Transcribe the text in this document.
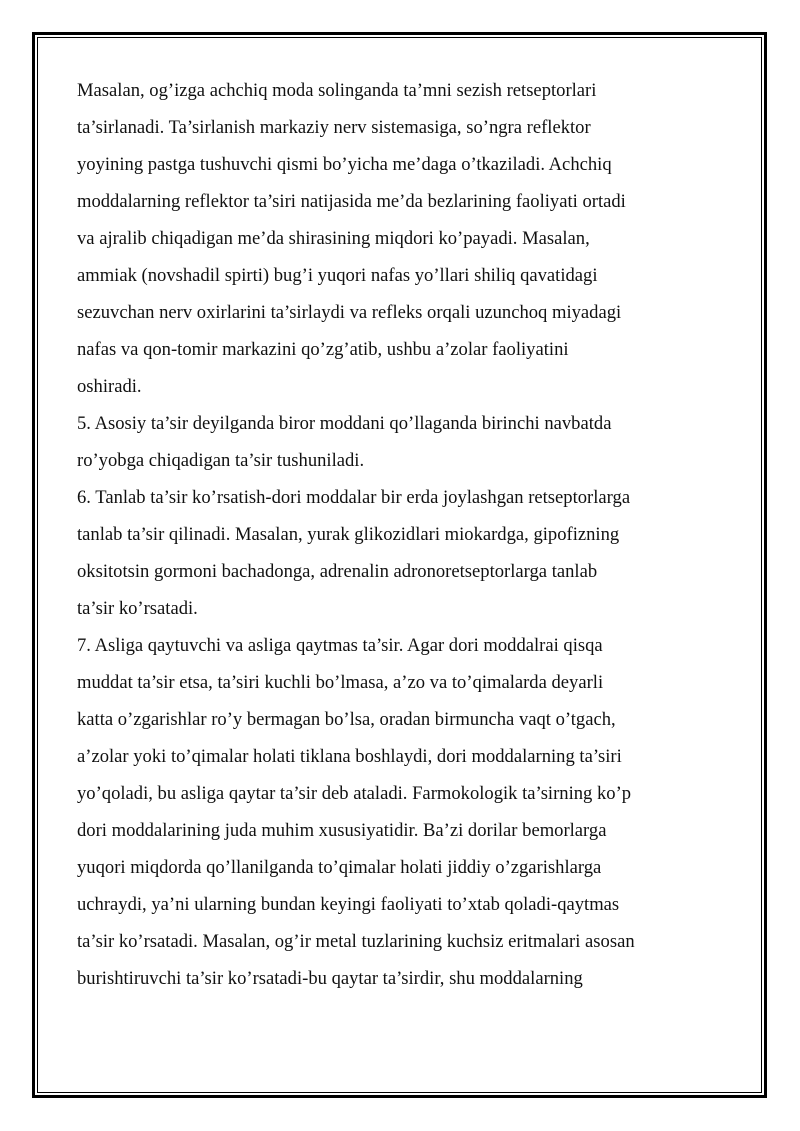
Masalan, og’izga achchiq moda solinganda ta’mni sezish retseptorlari
ta’sirlanadi. Ta’sirlanish markaziy nerv sistemasiga, so’ngra reflektor
yoyining pastga tushuvchi qismi bo’yicha me’daga o’tkaziladi. Achchiq
moddalarning reflektor ta’siri natijasida me’da bezlarining faoliyati ortadi
va ajralib chiqadigan me’da shirasining miqdori ko’payadi. Masalan,
ammiak (novshadil spirti) bug’i yuqori nafas yo’llari shiliq qavatidagi
sezuvchan nerv oxirlarini ta’sirlaydi va refleks orqali uzunchoq miyadagi
nafas va qon-tomir markazini qo’zg’atib, ushbu a’zolar faoliyatini
oshiradi.
5. Asosiy ta’sir deyilganda biror moddani qo’llaganda birinchi navbatda
ro’yobga chiqadigan ta’sir tushuniladi.
6. Tanlab ta’sir ko’rsatish-dori moddalar bir erda joylashgan retseptorlarga
tanlab ta’sir qilinadi. Masalan, yurak glikozidlari miokardga, gipofizning
oksitotsin gormoni bachadonga, adrenalin adronoretseptorlarga tanlab
ta’sir ko’rsatadi.
7. Asligа qaytuvchi va asliga qaytmas ta’sir. Agar dori moddalrai qisqa
muddat ta’sir etsa, ta’siri kuchli bo’lmasa, a’zo va to’qimalarda deyarli
katta o’zgarishlar ro’y bermagan bo’lsa, oradan birmuncha vaqt o’tgach,
a’zolar yoki to’qimalar holati tiklana boshlaydi, dori moddalarning ta’siri
yo’qoladi, bu asliga qaytar ta’sir deb ataladi. Farmokologik ta’sirning ko’p
dori moddalarining juda muhim xususiyatidir. Ba’zi dorilar bemorlarga
yuqori miqdorda qo’llanilganda to’qimalar holati jiddiy o’zgarishlarga
uchraydi, ya’ni ularning bundan keyingi faoliyati to’xtab qoladi-qaytmas
ta’sir ko’rsatadi. Masalan, og’ir metal tuzlarining kuchsiz eritmalari asosan
burishtiruvchi ta’sir ko’rsatadi-bu qaytar ta’sirdir, shu moddalarning
